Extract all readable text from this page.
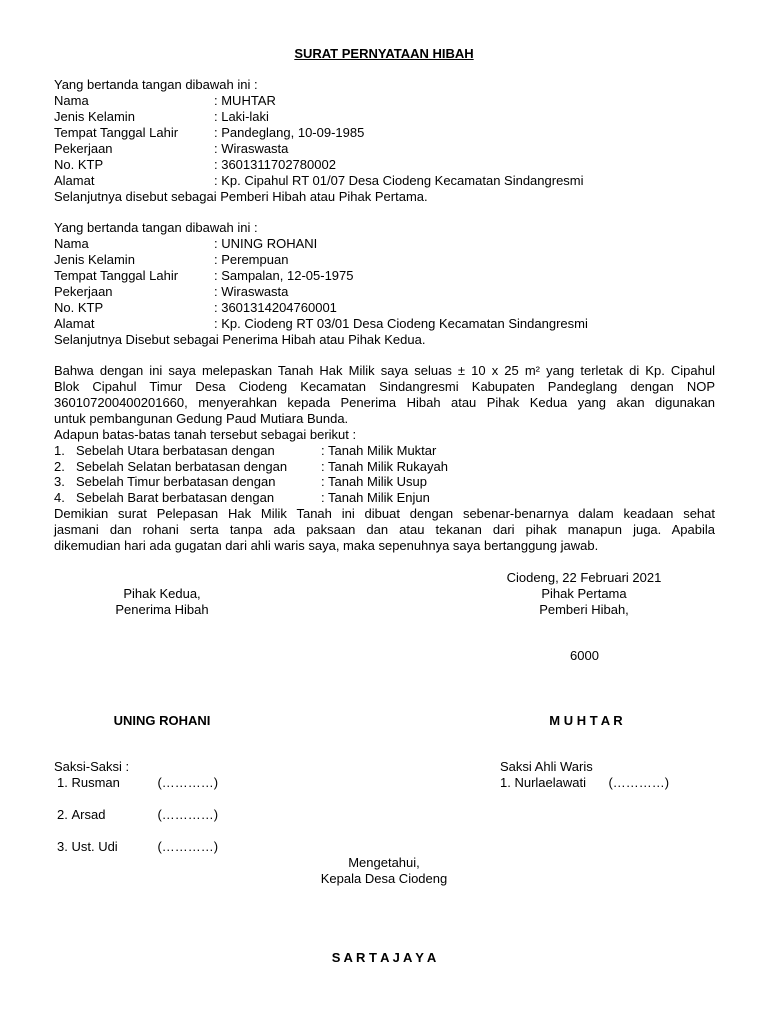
SURAT PERNYATAAN HIBAH
Yang bertanda tangan dibawah ini :
Nama	: MUHTAR
Jenis Kelamin	: Laki-laki
Tempat Tanggal Lahir	: Pandeglang, 10-09-1985
Pekerjaan	: Wiraswasta
No. KTP	: 3601311702780002
Alamat	: Kp. Cipahul RT 01/07 Desa Ciodeng Kecamatan Sindangresmi
Selanjutnya disebut sebagai Pemberi Hibah atau Pihak Pertama.
Yang bertanda tangan dibawah ini :
Nama	: UNING ROHANI
Jenis Kelamin	: Perempuan
Tempat Tanggal Lahir	: Sampalan, 12-05-1975
Pekerjaan	: Wiraswasta
No. KTP	: 3601314204760001
Alamat	: Kp. Ciodeng RT 03/01 Desa Ciodeng Kecamatan Sindangresmi
Selanjutnya Disebut sebagai Penerima Hibah atau Pihak Kedua.
Bahwa dengan ini saya melepaskan Tanah Hak Milik saya seluas ± 10 x 25 m² yang terletak di Kp. Cipahul
Blok Cipahul Timur Desa Ciodeng Kecamatan Sindangresmi Kabupaten Pandeglang dengan NOP
360107200400201660, menyerahkan kepada Penerima Hibah atau Pihak Kedua yang akan digunakan
untuk pembangunan Gedung Paud Mutiara Bunda.
Adapun batas-batas tanah tersebut sebagai berikut :
1. Sebelah Utara berbatasan dengan	: Tanah Milik Muktar
2. Sebelah Selatan berbatasan dengan	: Tanah Milik Rukayah
3. Sebelah Timur berbatasan dengan	: Tanah Milik Usup
4. Sebelah Barat berbatasan dengan	: Tanah Milik Enjun
Demikian surat Pelepasan Hak Milik Tanah ini dibuat dengan sebenar-benarnya dalam keadaan sehat
jasmani dan rohani serta tanpa ada paksaan dan atau tekanan dari pihak manapun juga. Apabila
dikemudian hari ada gugatan dari ahli waris saya, maka sepenuhnya saya bertanggung jawab.
Ciodeng, 22 Februari 2021
Pihak Kedua,	Pihak Pertama
Penerima Hibah	Pemberi Hibah,
6000
UNING ROHANI	M U H T A R
Saksi-Saksi :
1. Rusman	(…………)
2. Arsad	(…………)
3. Ust. Udi	(…………)
Saksi Ahli Waris
1. Nurlaelawati (…………)
Mengetahui,
Kepala Desa Ciodeng
S A R T A J A Y A
